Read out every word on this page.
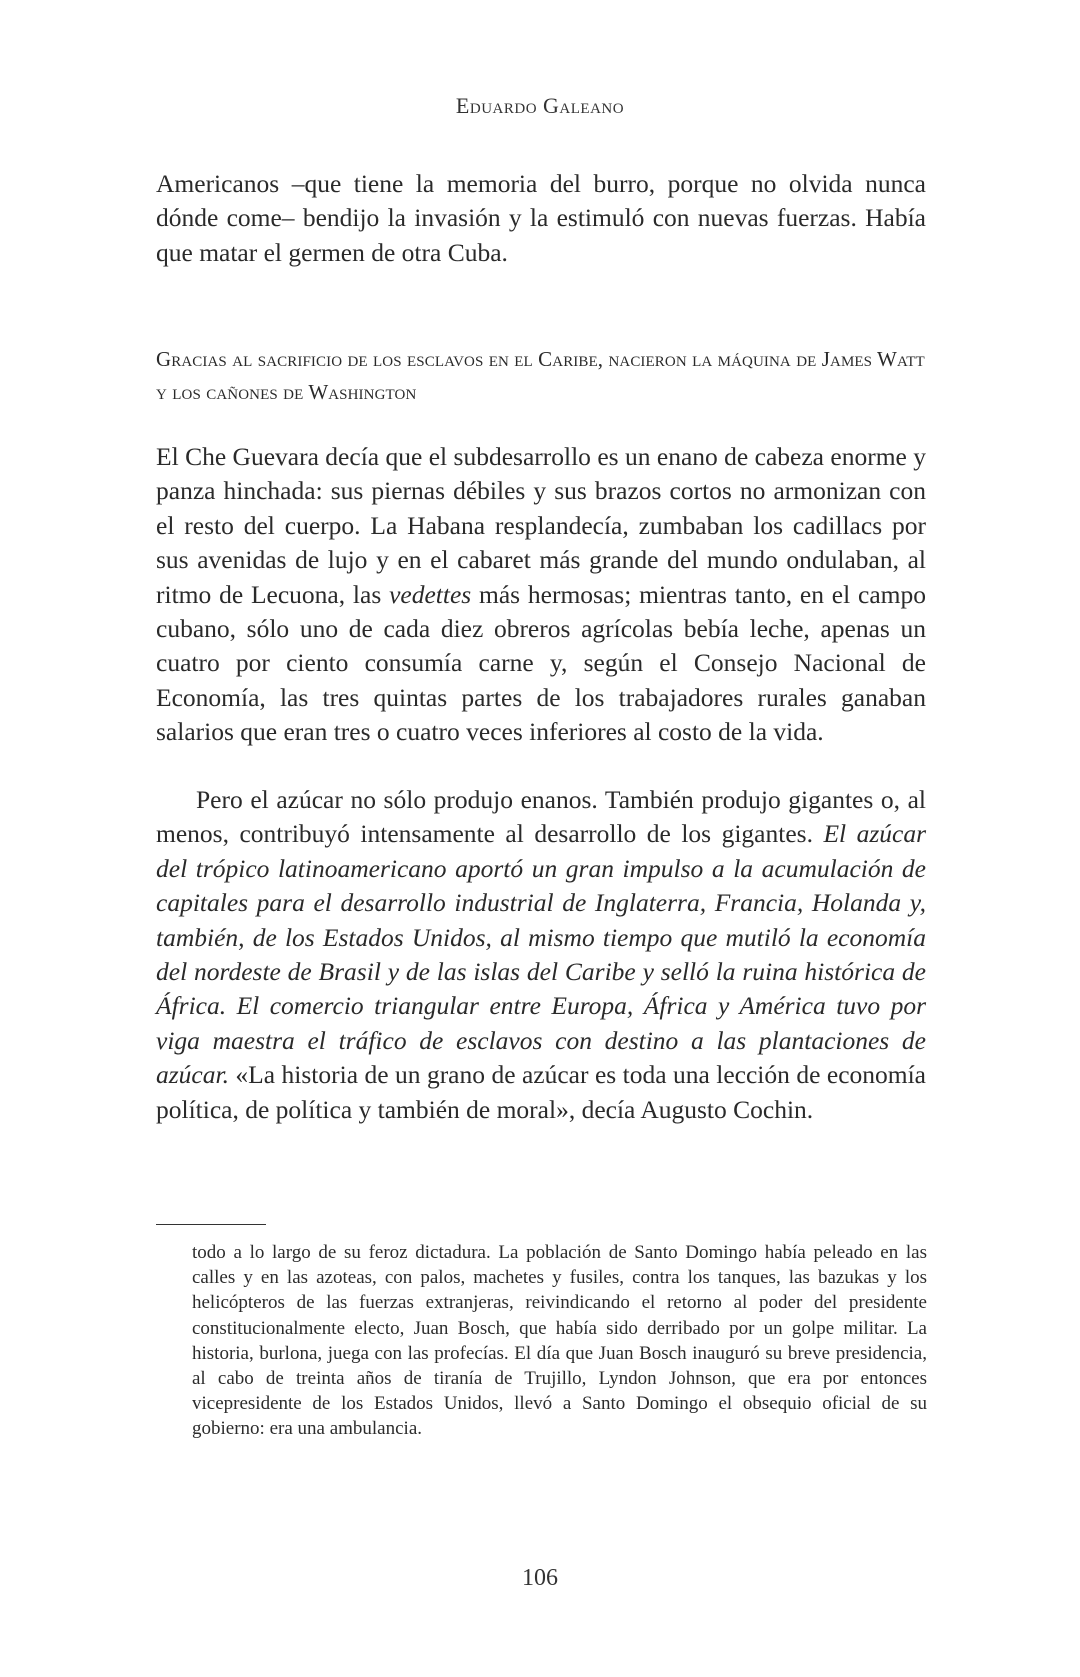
Eduardo Galeano

Americanos –que tiene la memoria del burro, porque no olvida nunca dónde come– bendijo la invasión y la estimuló con nuevas fuerzas. Había que matar el germen de otra Cuba.

Gracias al sacrificio de los esclavos en el Caribe, nacieron la máquina de James Watt y los cañones de Washington

El Che Guevara decía que el subdesarrollo es un enano de cabeza enorme y panza hinchada: sus piernas débiles y sus brazos cortos no armonizan con el resto del cuerpo. La Habana resplandecía, zumbaban los cadillacs por sus avenidas de lujo y en el cabaret más grande del mundo ondulaban, al ritmo de Lecuona, las vedettes más hermosas; mientras tanto, en el campo cubano, sólo uno de cada diez obreros agrícolas bebía leche, apenas un cuatro por ciento consumía carne y, según el Consejo Nacional de Economía, las tres quintas partes de los trabajadores rurales ganaban salarios que eran tres o cuatro veces inferiores al costo de la vida.

Pero el azúcar no sólo produjo enanos. También produjo gigantes o, al menos, contribuyó intensamente al desarrollo de los gigantes. El azúcar del trópico latinoamericano aportó un gran impulso a la acumulación de capitales para el desarrollo industrial de Inglaterra, Francia, Holanda y, también, de los Estados Unidos, al mismo tiempo que mutiló la economía del nordeste de Brasil y de las islas del Caribe y selló la ruina histórica de África. El comercio triangular entre Europa, África y América tuvo por viga maestra el tráfico de esclavos con destino a las plantaciones de azúcar. «La historia de un grano de azúcar es toda una lección de economía política, de política y también de moral», decía Augusto Cochin.

todo a lo largo de su feroz dictadura. La población de Santo Domingo había peleado en las calles y en las azoteas, con palos, machetes y fusiles, contra los tanques, las bazukas y los helicópteros de las fuerzas extranjeras, reivindicando el retorno al poder del presidente constitucionalmente electo, Juan Bosch, que había sido derribado por un golpe militar. La historia, burlona, juega con las profecías. El día que Juan Bosch inauguró su breve presidencia, al cabo de treinta años de tiranía de Trujillo, Lyndon Johnson, que era por entonces vicepresidente de los Estados Unidos, llevó a Santo Domingo el obsequio oficial de su gobierno: era una ambulancia.
106
